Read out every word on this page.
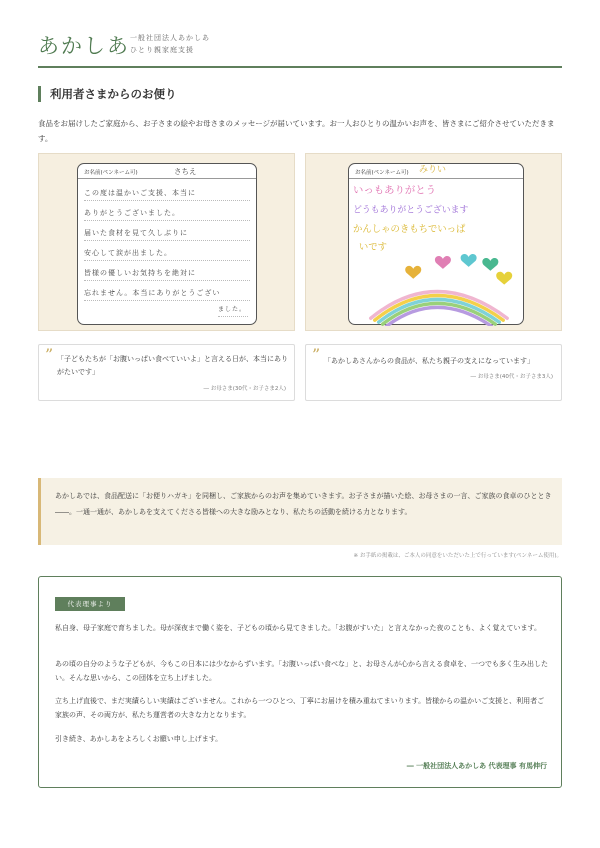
あかしあ 一般社団法人あかしあ
ひとり親家庭支援
利用者さまからのお便り
食品をお届けしたご家庭から、お子さまの絵やお母さまのメッセージが届いています。お一人おひとりの温かいお声を、皆さまにご紹介させていただきます。
お名前(ペンネーム可)	さちえ
この度は温かいご支援、本当に
ありがとうございました。
届いた食材を見て久しぶりに
安心して涙が出ました。
皆様の優しいお気持ちを絶対に
忘れません。本当にありがとうござい
ました。
お名前(ペンネーム可) みりい
いっもありがとう
どうもありがとうございます
かんしゃのきもちでいっぱ
いです
” 「子どもたちが「お腹いっぱい食べていいよ」と言える日が、本当にありがたいです」
― お母さま(30代・お子さま2人)
” 「あかしあさんからの食品が、私たち親子の支えになっています」
― お母さま(40代・お子さま3人)

あかしあでは、食品配送に「お便りハガキ」を同梱し、ご家族からのお声を集めていきます。お子さまが描いた絵、お母さまの一言、ご家族の食卓のひととき――。一通一通が、あかしあを支えてくださる皆様への大きな励みとなり、私たちの活動を続ける力となります。

※ お手紙の掲載は、ご本人の同意をいただいた上で行っています(ペンネーム使用)。
代表理事より
私自身、母子家庭で育ちました。母が深夜まで働く姿を、子どもの頃から見てきました。「お腹がすいた」と言えなかった夜のことも、よく覚えています。
あの頃の自分のような子どもが、今もこの日本には少なからずいます。「お腹いっぱい食べな」と、お母さんが心から言える食卓を、一つでも多く生み出したい。そんな思いから、この団体を立ち上げました。
立ち上げ直後で、まだ実績らしい実績はございません。これから一つひとつ、丁寧にお届けを積み重ねてまいります。皆様からの温かいご支援と、利用者ご家族の声、その両方が、私たち運営者の大きな力となります。
引き続き、あかしあをよろしくお願い申し上げます。
― 一般社団法人あかしあ 代表理事 有馬伸行
